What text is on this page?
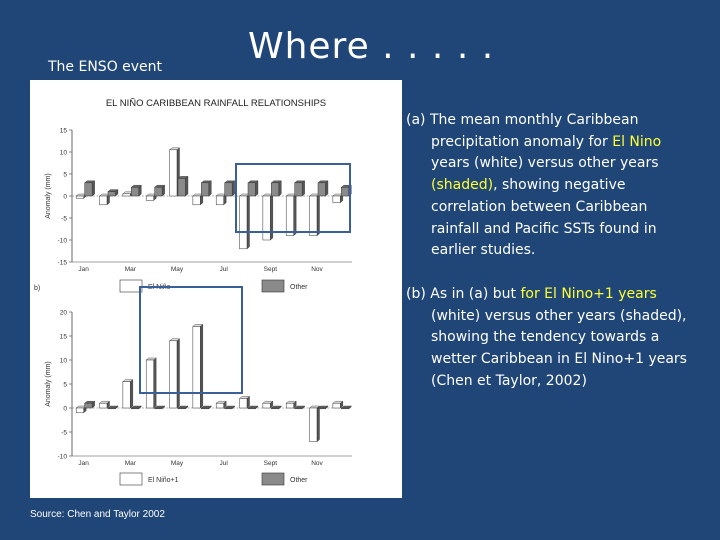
The ENSO event Where . . . . .
EL NIÑO CARIBBEAN RAINFALL RELATIONSHIPS
-15
-10
-5
0
5
10
15
Anomaly (mm)
Jan	Mar	May	Jul	Sept	Nov
El Niño	Other
-10
-5
0
5
10
15
20
Anomaly (mm)
b)
Jan	Mar	May	Jul	Sept	Nov
El Niño+1	Other
Source: Chen and Taylor 2002
(a) The mean monthly Caribbean precipitation anomaly for El Nino years (white) versus other years (shaded), showing negative correlation between Caribbean rainfall and Pacific SSTs found in earlier studies.
(b) As in (a) but for El Nino+1 years (white) versus other years (shaded), showing the tendency towards a wetter Caribbean in El Nino+1 years (Chen et Taylor, 2002)
